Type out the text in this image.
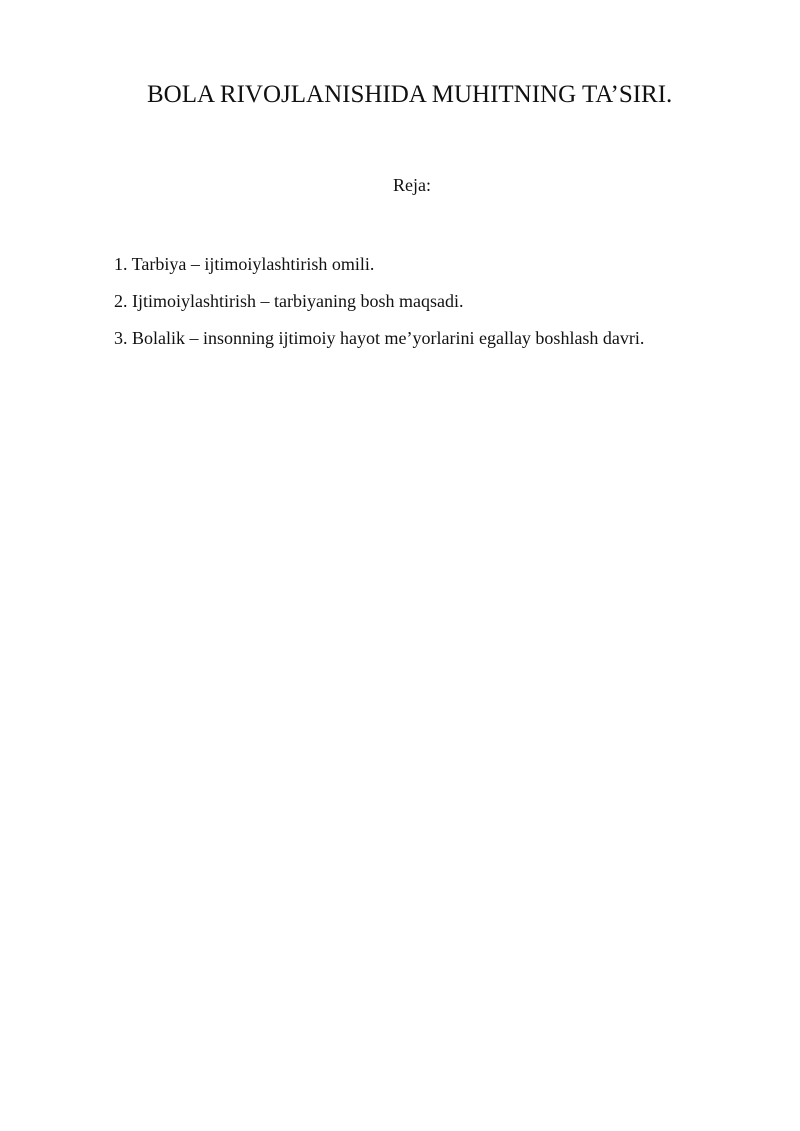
BOLA RIVOJLANISHIDA MUHITNING TA’SIRI.
Reja:
1. Tarbiya – ijtimoiylashtirish omili.
2. Ijtimoiylashtirish – tarbiyaning bosh maqsadi.
3. Bolalik – insonning ijtimoiy hayot me’yorlarini egallay boshlash davri.
